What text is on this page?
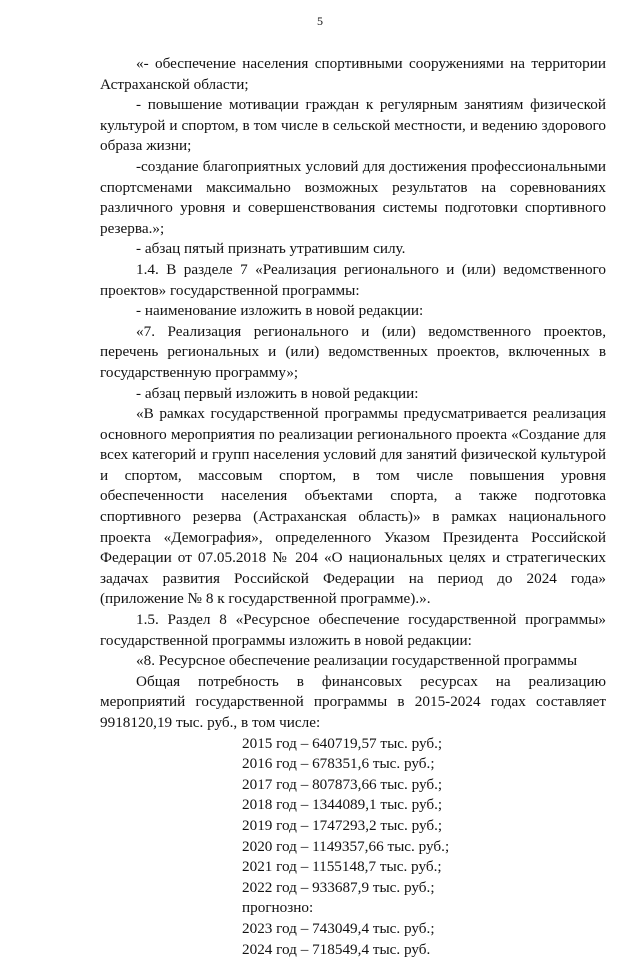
5

«- обеспечение населения спортивными сооружениями на территории Астраханской области;

- повышение мотивации граждан к регулярным занятиям физической культурой и спортом, в том числе в сельской местности, и ведению здорового образа жизни;

-создание благоприятных условий для достижения профессиональными спортсменами максимально возможных результатов на соревнованиях различного уровня и совершенствования системы подготовки спортивного резерва.»;

- абзац пятый признать утратившим силу.

1.4. В разделе 7 «Реализация регионального и (или) ведомственного проектов» государственной программы:

- наименование изложить в новой редакции:

«7. Реализация регионального и (или) ведомственного проектов, перечень региональных и (или) ведомственных проектов, включенных в государственную программу»;

- абзац первый изложить в новой редакции:

«В рамках государственной программы предусматривается реализация основного мероприятия по реализации регионального проекта «Создание для всех категорий и групп населения условий для занятий физической культурой и спортом, массовым спортом, в том числе повышения уровня обеспеченности населения объектами спорта, а также подготовка спортивного резерва (Астраханская область)» в рамках национального проекта «Демография», определенного Указом Президента Российской Федерации от 07.05.2018 № 204 «О национальных целях и стратегических задачах развития Российской Федерации на период до 2024 года» (приложение № 8 к государственной программе).».

1.5. Раздел 8 «Ресурсное обеспечение государственной программы» государственной программы изложить в новой редакции:

«8. Ресурсное обеспечение реализации государственной программы

Общая потребность в финансовых ресурсах на реализацию мероприятий государственной программы в 2015-2024 годах составляет 9918120,19 тыс. руб., в том числе:

2015 год – 640719,57 тыс. руб.;
2016 год – 678351,6 тыс. руб.;
2017 год – 807873,66 тыс. руб.;
2018 год – 1344089,1 тыс. руб.;
2019 год – 1747293,2 тыс. руб.;
2020 год – 1149357,66 тыс. руб.;
2021 год – 1155148,7 тыс. руб.;
2022 год – 933687,9 тыс. руб.;
прогнозно:
2023 год – 743049,4 тыс. руб.;
2024 год – 718549,4 тыс. руб.
